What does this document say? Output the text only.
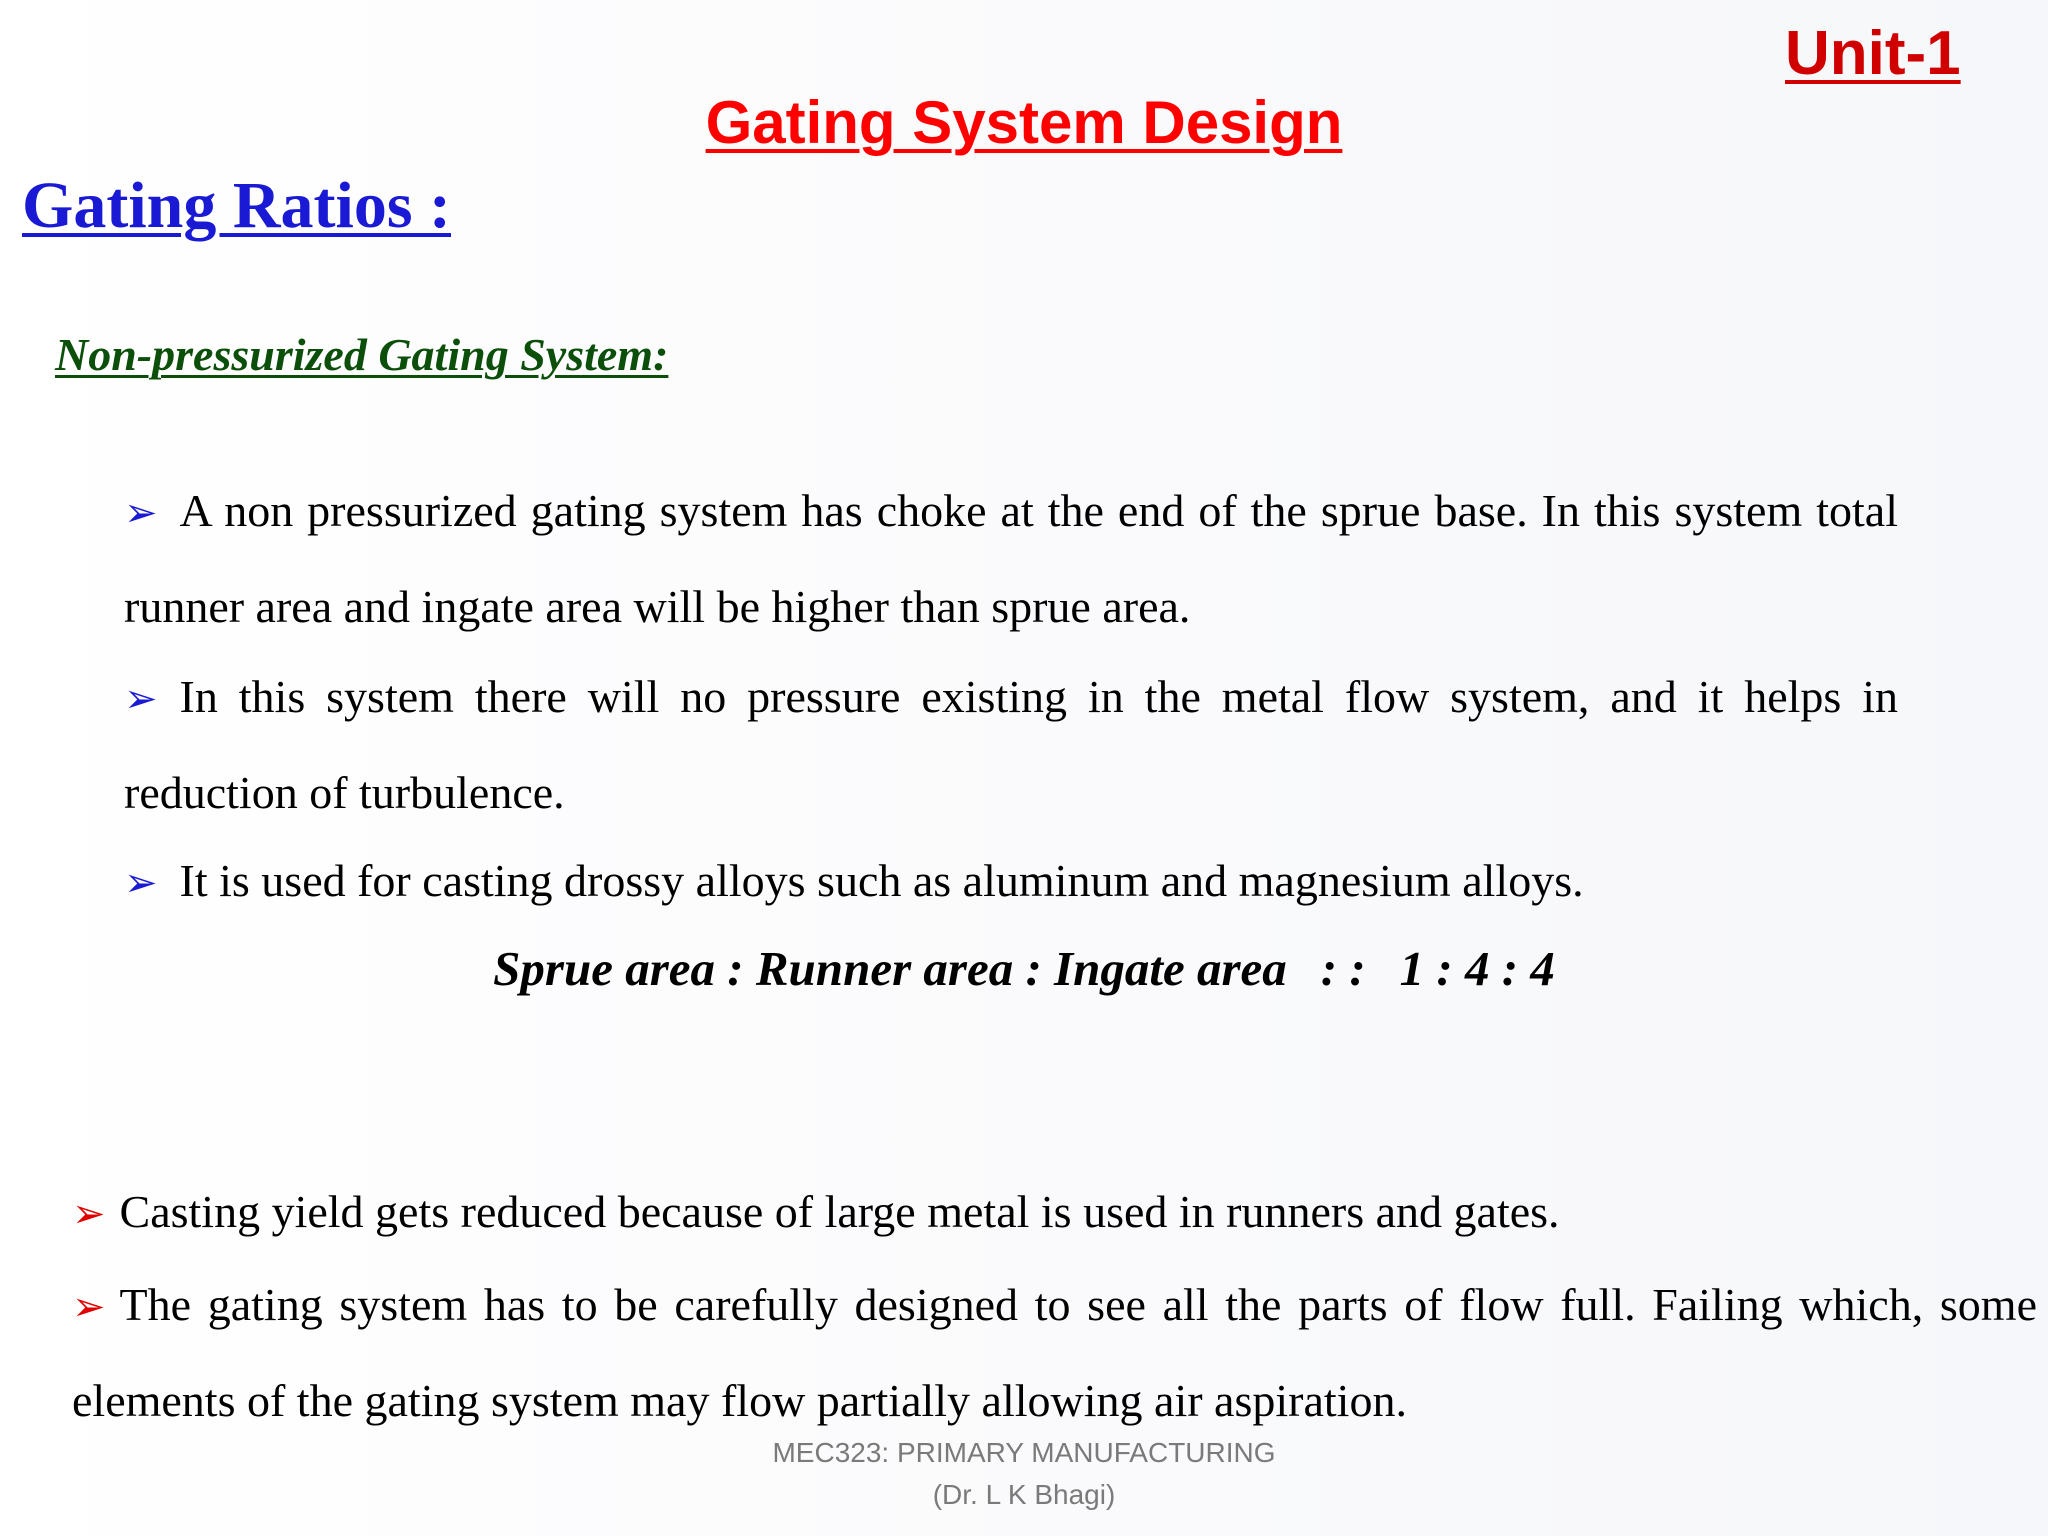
Unit-1
Gating System Design
Gating Ratios :
Non-pressurized Gating System:
➢ A non pressurized gating system has choke at the end of the sprue base. In this system total runner area and ingate area will be higher than sprue area.
➢ In this system there will no pressure existing in the metal flow system, and it helps in reduction of turbulence.
➢ It is used for casting drossy alloys such as aluminum and magnesium alloys.
Sprue area : Runner area : Ingate area : : 1 : 4 : 4
➢ Casting yield gets reduced because of large metal is used in runners and gates.
➢ The gating system has to be carefully designed to see all the parts of flow full. Failing which, some elements of the gating system may flow partially allowing air aspiration.
MEC323: PRIMARY MANUFACTURING
(Dr. L K Bhagi)
